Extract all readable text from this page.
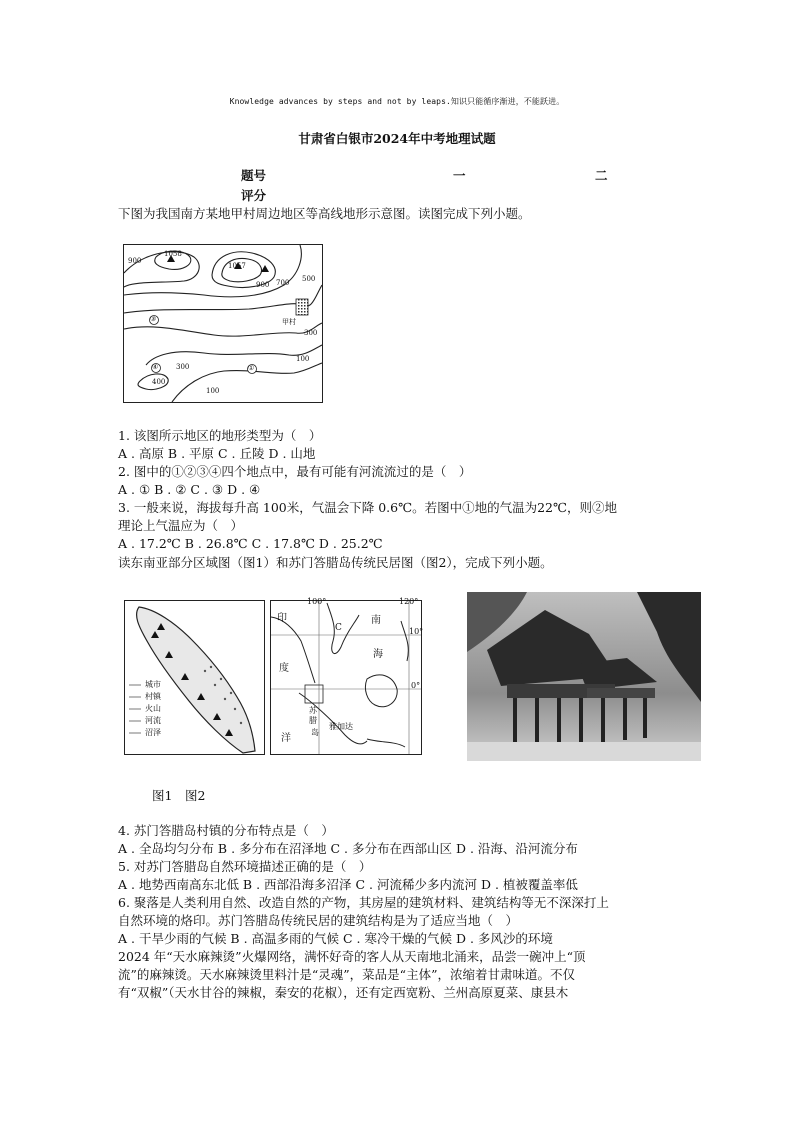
Knowledge advances by steps and not by leaps.知识只能循序渐进，不能跃进。
甘肃省白银市2024年中考地理试题
题号	一	二
评分
下图为我国南方某地甲村周边地区等高线地形示意图。读图完成下列小题。
1058
1057
900
900 700 500
300
300
100
100
400
甲村
③
④	①
1. 该图所示地区的地形类型为（　）
A . 高原 B . 平原 C . 丘陵 D . 山地
2. 图中的①②③④四个地点中，最有可能有河流流过的是（　）
A . ① B . ② C . ③ D . ④
3. 一般来说，海拔每升高 100米，气温会下降 0.6℃。若图中①地的气温为22℃，则②地
理论上气温应为（　）
A . 17.2℃ B . 26.8℃ C . 17.8℃ D . 25.2℃
读东南亚部分区域图（图1）和苏门答腊岛传统民居图（图2），完成下列小题。
城市
村镇
火山
河流
沼泽
100°	120°
10°
0°
印
度
洋
南
海
C
苏
腊
岛
雅加达
图1　图2
4. 苏门答腊岛村镇的分布特点是（　）
A . 全岛均匀分布 B . 多分布在沼泽地 C . 多分布在西部山区 D . 沿海、沿河流分布
5. 对苏门答腊岛自然环境描述正确的是（　）
A . 地势西南高东北低 B . 西部沿海多沼泽 C . 河流稀少多内流河 D . 植被覆盖率低
6. 聚落是人类利用自然、改造自然的产物，其房屋的建筑材料、建筑结构等无不深深打上
自然环境的烙印。苏门答腊岛传统民居的建筑结构是为了适应当地（　）
A . 干旱少雨的气候 B . 高温多雨的气候 C . 寒冷干燥的气候 D . 多风沙的环境
2024 年“天水麻辣烫”火爆网络，满怀好奇的客人从天南地北涌来，品尝一碗冲上“顶
流”的麻辣烫。天水麻辣烫里料汁是“灵魂”，菜品是“主体”，浓缩着甘肃味道。不仅
有“双椒”（天水甘谷的辣椒，秦安的花椒），还有定西宽粉、兰州高原夏菜、康县木
